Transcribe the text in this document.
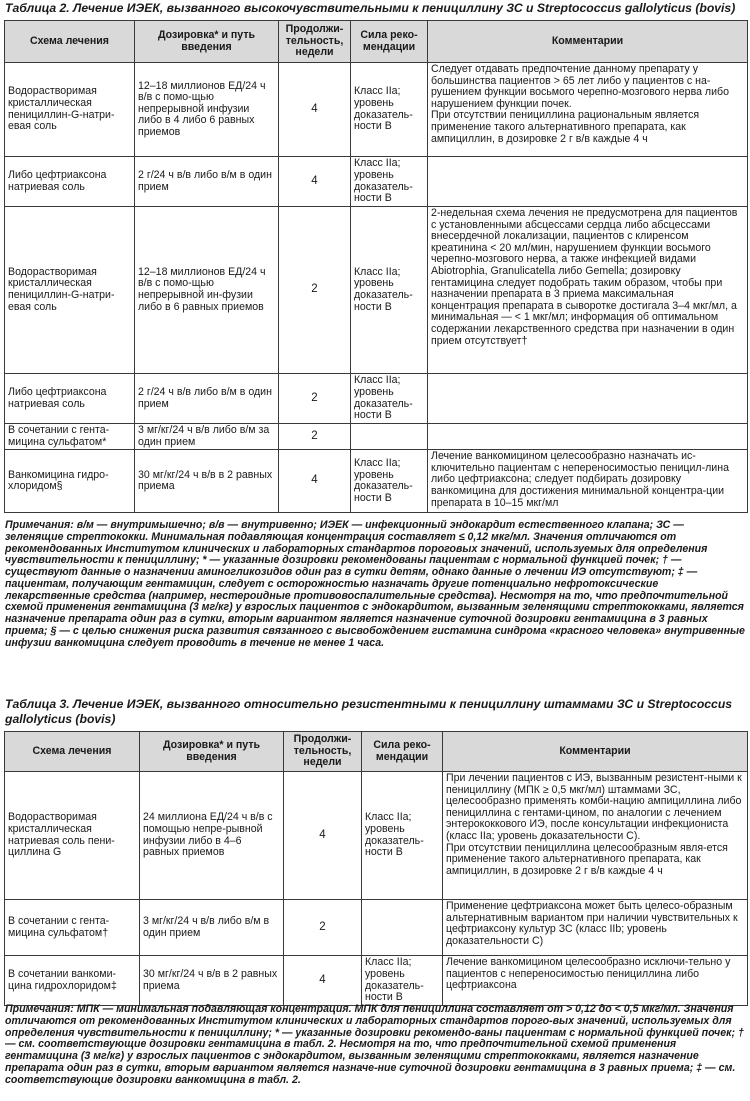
Таблица 2. Лечение ИЭЕК, вызванного высокочувствительными к пенициллину ЗС и Streptococcus gallolyticus (bovis)
Схема лечения	Дозировка* и путь введения	Продолжи-тельность, недели	Сила реко-мендации	Комментарии
Водорастворимая кристаллическая пенициллин-G-натри-евая соль	12–18 миллионов ЕД/24 ч в/в с помо-щью непрерывной инфузии либо в 4 либо 6 равных приемов	4	Класс IIa; уровень доказатель-ности В	Следует отдавать предпочтение данному препарату у большинства пациентов > 65 лет либо у пациентов с на-рушением функции восьмого черепно-мозгового нерва либо нарушением функции почек.
При отсутствии пенициллина рациональным является применение такого альтернативного препарата, как ампициллин, в дозировке 2 г в/в каждые 4 ч
Либо цефтриаксона натриевая соль	2 г/24 ч в/в либо в/м в один прием	4	Класс IIa; уровень доказатель-ности В	
Водорастворимая кристаллическая пенициллин-G-натри-евая соль	12–18 миллионов ЕД/24 ч в/в с помо-щью непрерывной ин-фузии либо в 6 равных приемов	2	Класс IIa; уровень доказатель-ности В	2-недельная схема лечения не предусмотрена для пациентов с установленными абсцессами сердца либо абсцессами внесердечной локализации, пациентов с клиренсом креатинина < 20 мл/мин, нарушением функции восьмого черепно-мозгового нерва, а также инфекцией видами Abiotrophia, Granulicatella либо Gemella; дозировку гентамицина следует подобрать таким образом, чтобы при назначении препарата в 3 приема максимальная концентрация препарата в сыворотке достигала 3–4 мкг/мл, а минимальная — < 1 мкг/мл; информация об оптимальном содержании лекарственного средства при назначении в один прием отсутствует†
Либо цефтриаксона натриевая соль	2 г/24 ч в/в либо в/м в один прием	2	Класс IIa; уровень доказатель-ности В	
В сочетании с гента-мицина сульфатом*	3 мг/кг/24 ч в/в либо в/м за один прием	2		
Ванкомицина гидро-хлоридом§	30 мг/кг/24 ч в/в в 2 равных приема	4	Класс IIa; уровень доказатель-ности В	Лечение ванкомицином целесообразно назначать ис-ключительно пациентам с непереносимостью пеницил-лина либо цефтриаксона; следует подбирать дозировку ванкомицина для достижения минимальной концентра-ции препарата в 10–15 мкг/мл
Примечания: в/м — внутримышечно; в/в — внутривенно; ИЭЕК — инфекционный эндокардит естественного клапана; ЗС — зеленящие стрептококки. Минимальная подавляющая концентрация составляет ≤ 0,12 мкг/мл. Значения отличаются от рекомендованных Институтом клинических и лабораторных стандартов пороговых значений, используемых для определения чувствительности к пенициллину; * — указанные дозировки рекомендованы пациентам с нормальной функцией почек; † — существуют данные о назначении аминогликозидов один раз в сутки детям, однако данные о лечении ИЭ отсутствуют; ‡ — пациентам, получающим гентамицин, следует с осторожностью назначать другие потенциально нефротоксические лекарственные средства (например, нестероидные противовоспалительные средства). Несмотря на то, что предпочтительной схемой применения гентамицина (3 мг/кг) у взрослых пациентов с эндокардитом, вызванным зеленящими стрептококками, является назначение препарата один раз в сутки, вторым вариантом является назначение суточной дозировки гентамицина в 3 равных приема; § — с целью снижения риска развития связанного с высвобождением гистамина синдрома «красного человека» внутривенные инфузии ванкомицина следует проводить в течение не менее 1 часа.
Таблица 3. Лечение ИЭЕК, вызванного относительно резистентными к пенициллину штаммами ЗС и Streptococcus gallolyticus (bovis)
Схема лечения	Дозировка* и путь введения	Продолжи-тельность, недели	Сила реко-мендации	Комментарии
Водорастворимая кристаллическая натриевая соль пени-циллина G	24 миллиона ЕД/24 ч в/в с помощью непре-рывной инфузии либо в 4–6 равных приемов	4	Класс IIa; уровень доказатель-ности В	При лечении пациентов с ИЭ, вызванным резистент-ными к пенициллину (МПК ≥ 0,5 мкг/мл) штаммами ЗС, целесообразно применять комби-нацию ампициллина либо пенициллина с гентами-цином, по аналогии с лечением энтерококкового ИЭ, после консультации инфекциониста (класс IIa; уровень доказательности С).
При отсутствии пенициллина целесообразным явля-ется применение такого альтернативного препарата, как ампициллин, в дозировке 2 г в/в каждые 4 ч
В сочетании с гента-мицина сульфатом†	3 мг/кг/24 ч в/в либо в/м в один прием	2		Применение цефтриаксона может быть целесо-образным альтернативным вариантом при наличии чувствительных к цефтриаксону культур ЗС (класс IIb; уровень доказательности С)
В сочетании ванкоми-цина гидрохлоридом‡	30 мг/кг/24 ч в/в в 2 равных приема	4	Класс IIa; уровень доказатель-ности В	Лечение ванкомицином целесообразно исключи-тельно у пациентов с непереносимостью пенициллина либо цефтриаксона
Примечания: МПК — минимальная подавляющая концентрация. МПК для пенициллина составляет от > 0,12 до < 0,5 мкг/мл. Значения отличаются от рекомендованных Институтом клинических и лабораторных стандартов порого-вых значений, используемых для определения чувствительности к пенициллину; * — указанные дозировки рекомендо-ваны пациентам с нормальной функцией почек; † — см. соответствующие дозировки гентамицина в табл. 2. Несмотря на то, что предпочтительной схемой применения гентамицина (3 мг/кг) у взрослых пациентов с эндокардитом, вызванным зеленящими стрептококками, является назначение препарата один раз в сутки, вторым вариантом является назначе-ние суточной дозировки гентамицина в 3 равных приема; ‡ — см. соответствующие дозировки ванкомицина в табл. 2.
